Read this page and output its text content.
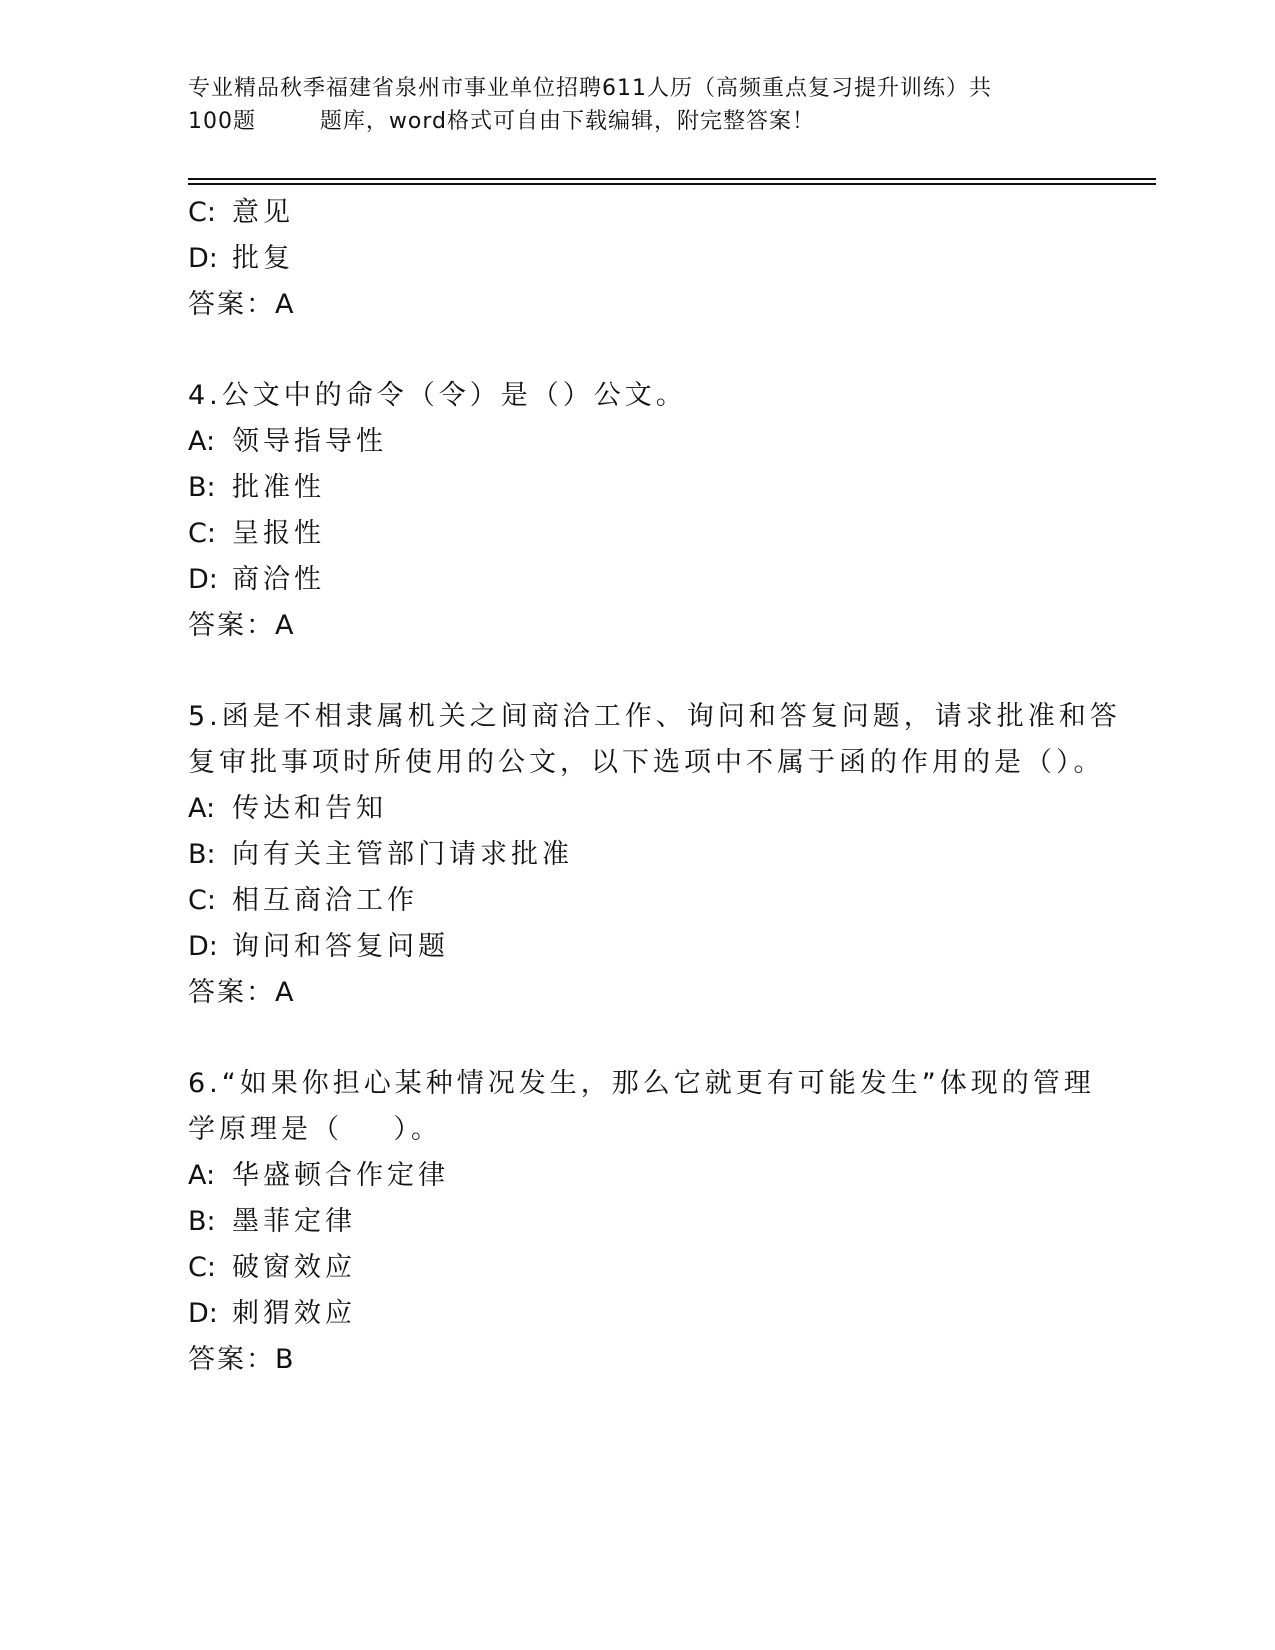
专业精品秋季福建省泉州市事业单位招聘611人历（高频重点复习提升训练）共
100题        题库，word格式可自由下载编辑，附完整答案！
C: 意见
D: 批复
答案：A
4.公文中的命令（令）是（）公文。
A: 领导指导性
B: 批准性
C: 呈报性
D: 商洽性
答案：A
5.函是不相隶属机关之间商洽工作、询问和答复问题，请求批准和答
复审批事项时所使用的公文，以下选项中不属于函的作用的是（）。
A: 传达和告知
B: 向有关主管部门请求批准
C: 相互商洽工作
D: 询问和答复问题
答案：A
6.“如果你担心某种情况发生，那么它就更有可能发生”体现的管理
学原理是（    ）。
A: 华盛顿合作定律
B: 墨菲定律
C: 破窗效应
D: 刺猬效应
答案：B
